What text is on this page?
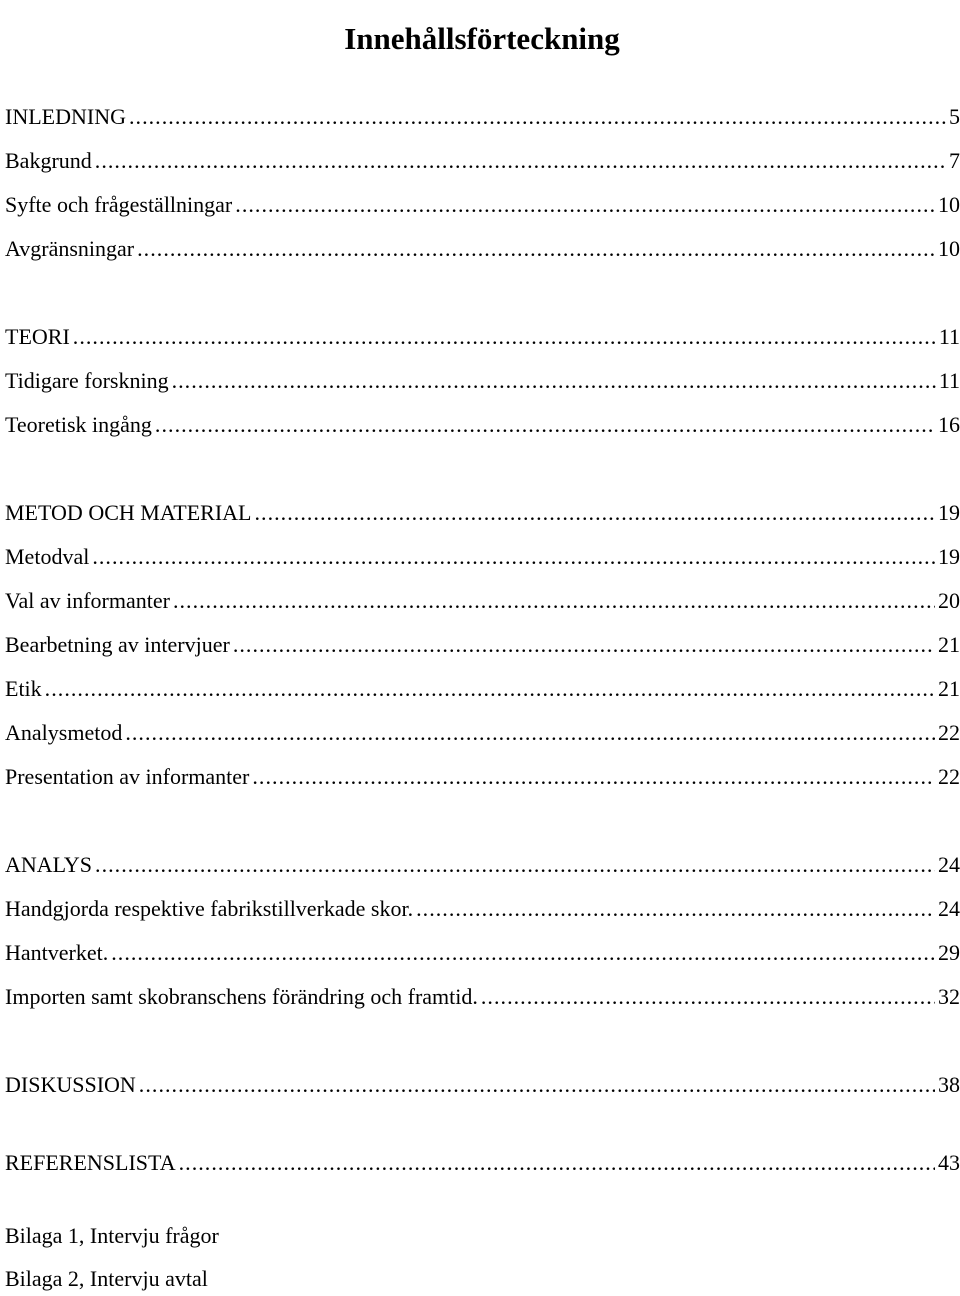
Innehållsförteckning
INLEDNING .....	5
Bakgrund .....	7
Syfte och frågeställningar .....	10
Avgränsningar .....	10
TEORI .....	11
Tidigare forskning .....	11
Teoretisk ingång .....	16
METOD OCH MATERIAL .....	19
Metodval .....	19
Val av informanter .....	20
Bearbetning av intervjuer .....	21
Etik .....	21
Analysmetod .....	22
Presentation av informanter .....	22
ANALYS .....	24
Handgjorda respektive fabrikstillverkade skor. .....	24
Hantverket. .....	29
Importen samt skobranschens förändring och framtid. .....	32
DISKUSSION .....	38
REFERENSLISTA .....	43
Bilaga 1, Intervju frågor
Bilaga 2, Intervju avtal
